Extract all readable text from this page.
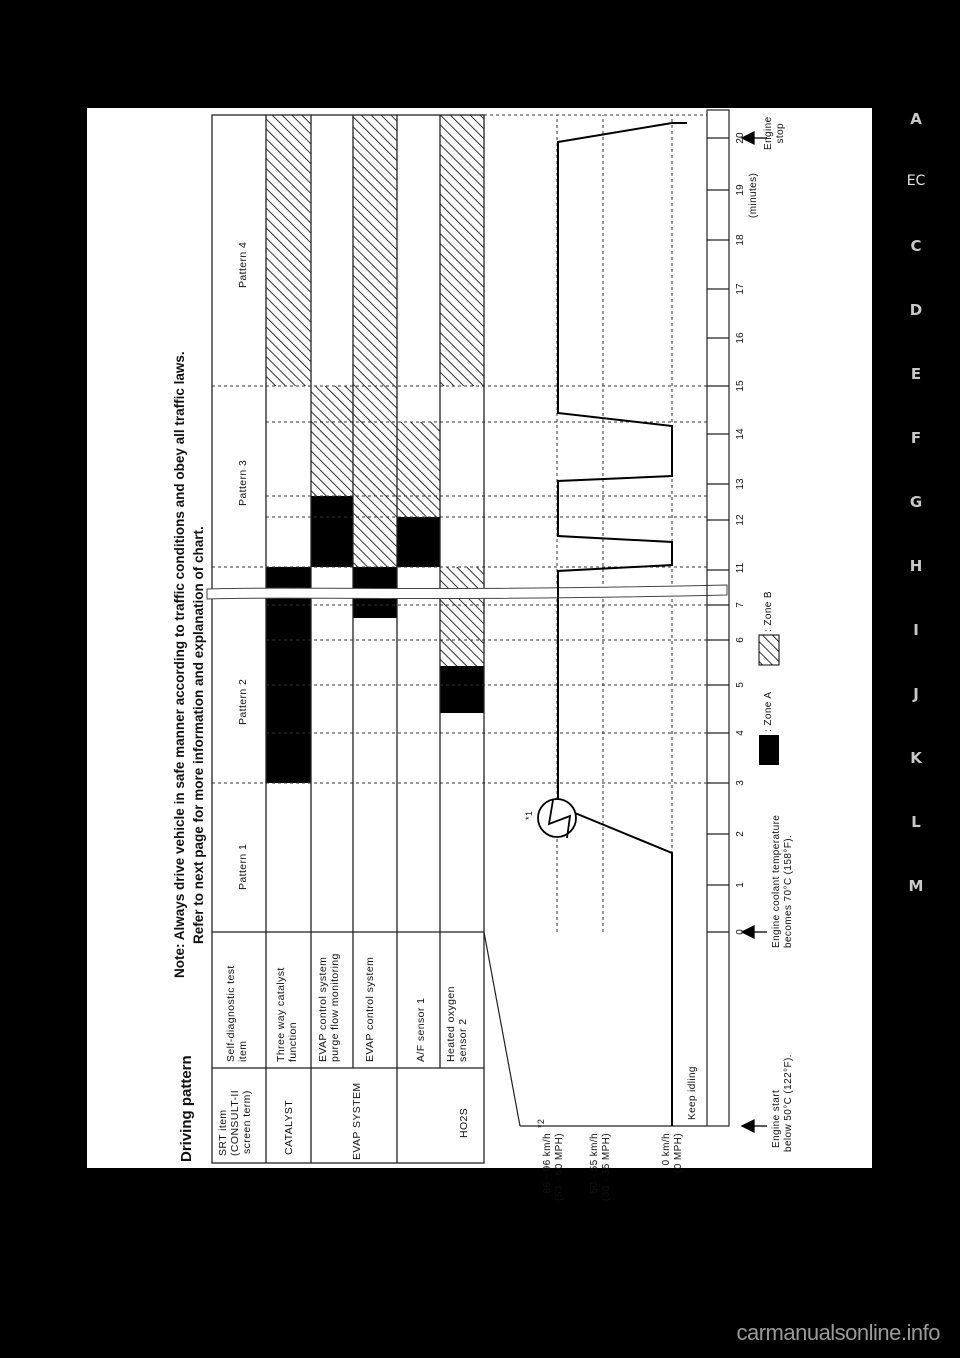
A
EC
C
D
E
F
G
H
I
J
K
L
M
Driving pattern
Note: Always drive vehicle in safe manner according to traffic conditions and obey all traffic laws. Refer to next page for more information and explanation of chart.
SRT item (CONSULT-II screen term)
Self-diagnostic test item
Pattern 1
Pattern 2
Pattern 3
Pattern 4
CATALYST
Three way catalyst function
EVAP SYSTEM
EVAP control system purge flow monitoring EVAP control system
HO2S
A/F sensor 1 Heated oxygen sensor 2
86 - 96 km/h (53 - 60 MPH)
*2
50 - 55 km/h (30 - 35 MPH)	0 km/h (0 MPH)
Keep idling
*1
0
1
2
3
4
5
6
7
11
12
13
14
15
16
17
18
19
20
(minutes)
Engine start below 50°C (122°F).
Engine coolant temperature becomes 70°C (158°F).
Engine stop
: Zone A
: Zone B
carmanualsonline.info
